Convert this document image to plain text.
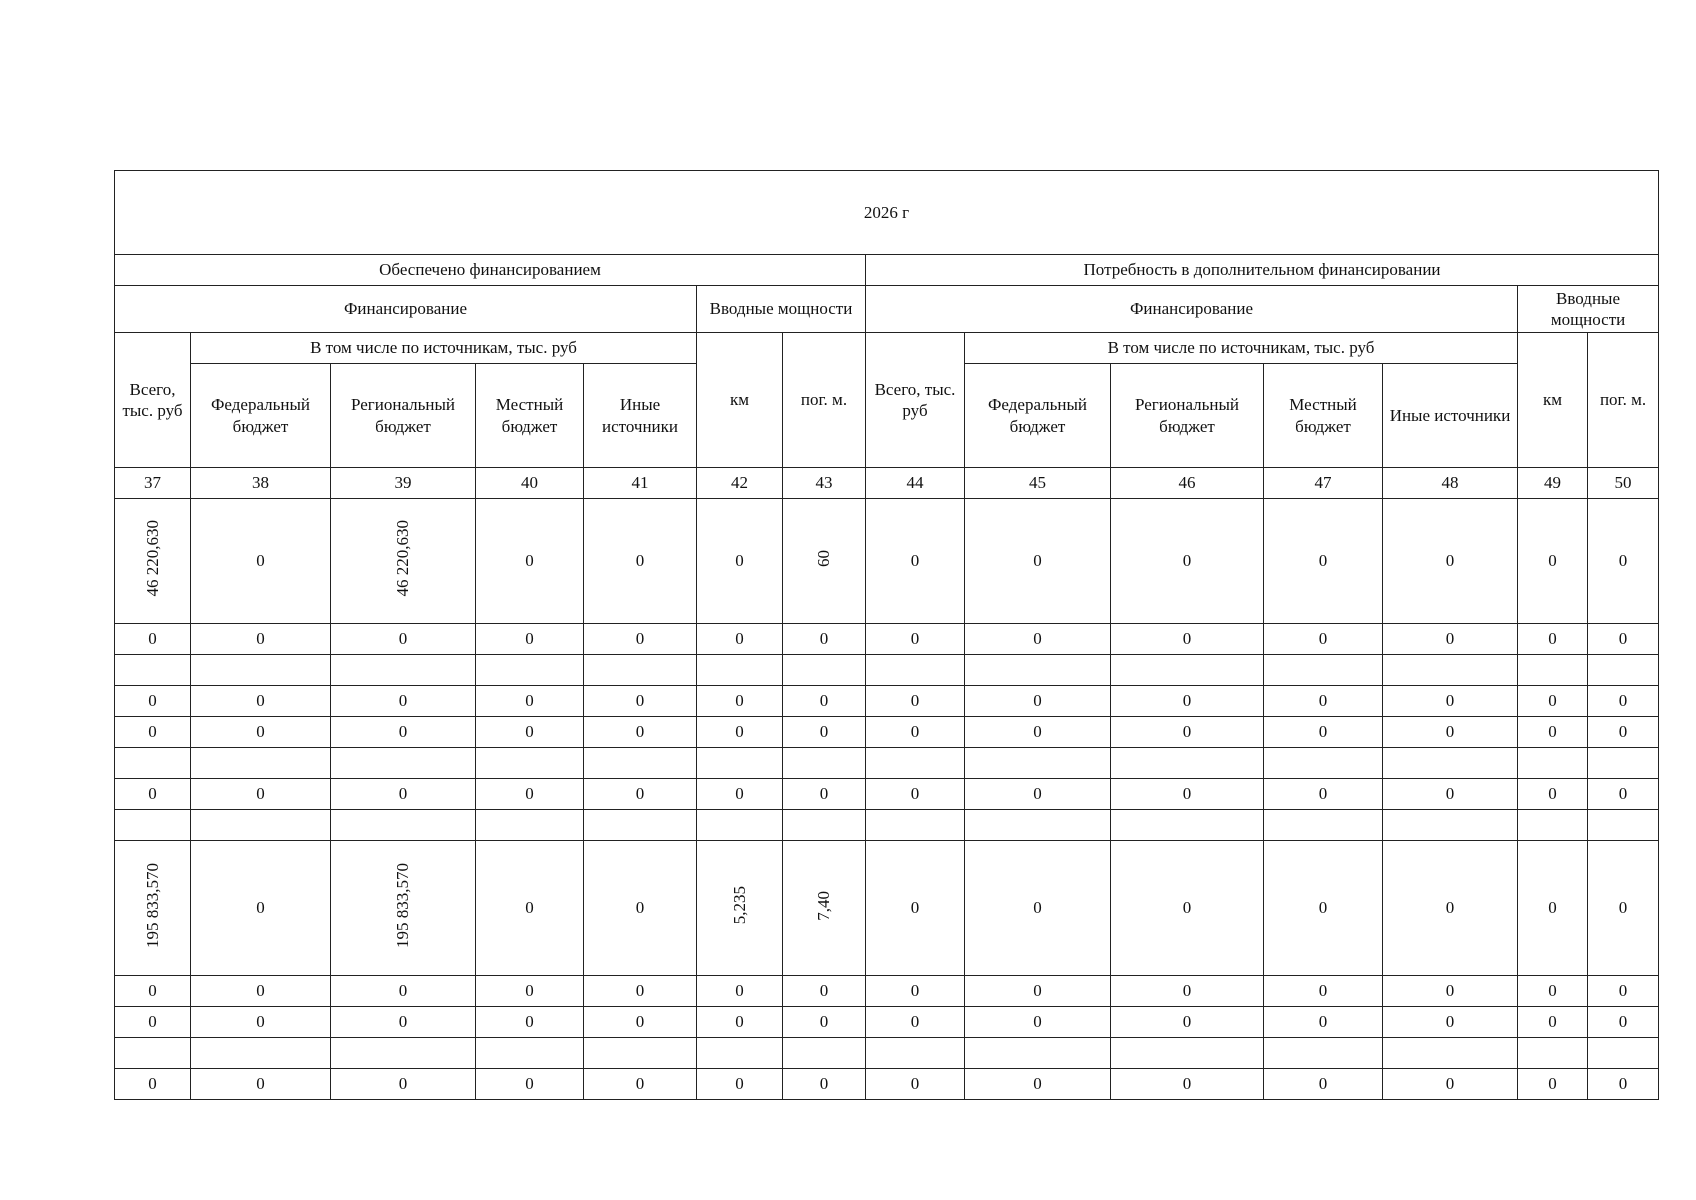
2026 г													
Обеспечено финансированием							Потребность в дополнительном финансировании						
Финансирование					Вводные мощности		Финансирование					Вводные мощности	
Всего, тыс. руб	В том числе по источникам, тыс. руб				км	пог. м.	Всего, тыс. руб	В том числе по источникам, тыс. руб				км	пог. м.
	Федеральный бюджет	Региональный бюджет	Местный бюджет	Иные источники				Федеральный бюджет	Региональный бюджет	Местный бюджет	Иные источники		
37	38	39	40	41	42	43	44	45	46	47	48	49	50
46 220,630	0	46 220,630	0	0	0	60	0	0	0	0	0	0	0
0	0	0	0	0	0	0	0	0	0	0	0	0	0

0	0	0	0	0	0	0	0	0	0	0	0	0	0
0	0	0	0	0	0	0	0	0	0	0	0	0	0

0	0	0	0	0	0	0	0	0	0	0	0	0	0

195 833,570	0	195 833,570	0	0	5,235	7,40	0	0	0	0	0	0	0
0	0	0	0	0	0	0	0	0	0	0	0	0	0
0	0	0	0	0	0	0	0	0	0	0	0	0	0

0	0	0	0	0	0	0	0	0	0	0	0	0	0
